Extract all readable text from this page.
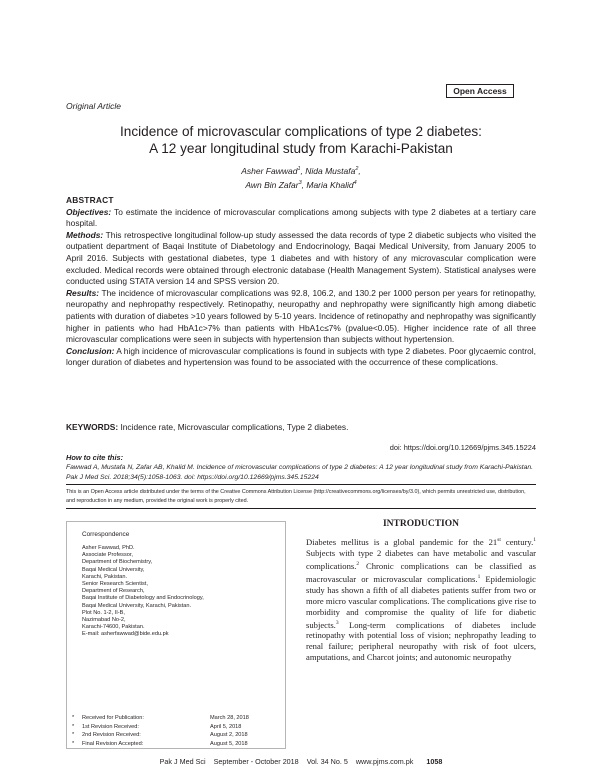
Open Access
Original Article
Incidence of microvascular complications of type 2 diabetes:
A 12 year longitudinal study from Karachi-Pakistan
Asher Fawwad$^1$, Nida Mustafa$^2$,
Awn Bin Zafar$^3$, Maria Khalid$^4$

ABSTRACT

Objectives: To estimate the incidence of microvascular complications among subjects with type 2 diabetes at a tertiary care hospital.

Methods: This retrospective longitudinal follow-up study assessed the data records of type 2 diabetic subjects who visited the outpatient department of Baqai Institute of Diabetology and Endocrinology, Baqai Medical University, from January 2005 to April 2016. Subjects with gestational diabetes, type 1 diabetes and with history of any microvascular complication were excluded. Medical records were obtained through electronic database (Health Management System). Statistical analyses were conducted using STATA version 14 and SPSS version 20.

Results: The incidence of microvascular complications was 92.8, 106.2, and 130.2 per 1000 person per years for retinopathy, neuropathy and nephropathy respectively. Retinopathy, neuropathy and nephropathy were significantly high among diabetic patients with duration of diabetes >10 years followed by 5-10 years. Incidence of retinopathy and nephropathy was significantly higher in patients who had HbA1c>7% than patients with HbA1c≤7% (pvalue<0.05). Higher incidence rate of all three microvascular complications were seen in subjects with hypertension than subjects without hypertension.

Conclusion: A high incidence of microvascular complications is found in subjects with type 2 diabetes. Poor glycaemic control, longer duration of diabetes and hypertension was found to be associated with the occurrence of these complications.

KEYWORDS: Incidence rate, Microvascular complications, Type 2 diabetes.
doi: https://doi.org/10.12669/pjms.345.15224
How to cite this:
Fawwad A, Mustafa N, Zafar AB, Khalid M. Incidence of microvascular complications of type 2 diabetes: A 12 year longitudinal study from Karachi-Pakistan. Pak J Med Sci. 2018;34(5):1058-1063. doi: https://doi.org/10.12669/pjms.345.15224
This is an Open Access article distributed under the terms of the Creative Commons Attribution License (http://creativecommons.org/licenses/by/3.0), which permits unrestricted use, distribution, and reproduction in any medium, provided the original work is properly cited.
INTRODUCTION
Diabetes mellitus is a global pandemic for the 21st century.$^1$ Subjects with type 2 diabetes can have metabolic and vascular complications.$^2$ Chronic complications can be classified as macrovascular or microvascular complications.$^1$ Epidemiologic study has shown a fifth of all diabetes patients suffer from two or more micro vascular complications. The complications give rise to morbidity and compromise the quality of life for diabetic subjects.$^3$ Long-term complications of diabetes include retinopathy with potential loss of vision; nephropathy leading to renal failure; peripheral neuropathy with risk of foot ulcers, amputations, and Charcot joints; and autonomic neuropathy
Correspondence
Asher Fawwad, PhD.
Associate Professor,
Department of Biochemistry,
Baqai Medical University,
Karachi, Pakistan.
Senior Research Scientist,
Department of Research,
Baqai Institute of Diabetology and Endocrinology,
Baqai Medical University, Karachi, Pakistan.
Plot No. 1-2, II-B,
Nazimabad No-2,
Karachi-74600, Pakistan.
E-mail: asherfawwad@bide.edu.pk
*	Received for Publication:	March 28, 2018
*	1st Revision Received:	April 5, 2018
*	2nd Revision Received:	August 2, 2018
*	Final Revision Accepted:	August 5, 2018
Pak J Med Sci September - October 2018 Vol. 34 No. 5 www.pjms.com.pk 1058
